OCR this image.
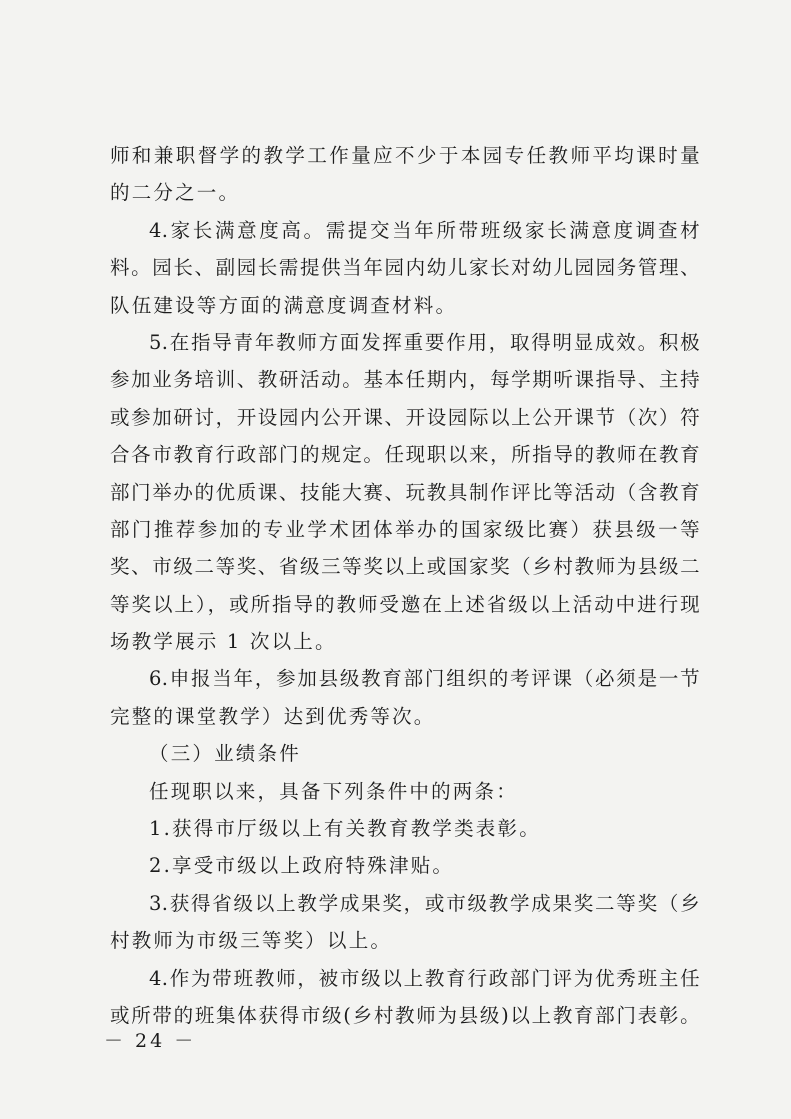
师和兼职督学的教学工作量应不少于本园专任教师平均课时量
的二分之一。
4.家长满意度高。需提交当年所带班级家长满意度调查材
料。园长、副园长需提供当年园内幼儿家长对幼儿园园务管理、
队伍建设等方面的满意度调查材料。
5.在指导青年教师方面发挥重要作用，取得明显成效。积极
参加业务培训、教研活动。基本任期内，每学期听课指导、主持
或参加研讨，开设园内公开课、开设园际以上公开课节（次）符
合各市教育行政部门的规定。任现职以来，所指导的教师在教育
部门举办的优质课、技能大赛、玩教具制作评比等活动（含教育
部门推荐参加的专业学术团体举办的国家级比赛）获县级一等
奖、市级二等奖、省级三等奖以上或国家奖（乡村教师为县级二
等奖以上），或所指导的教师受邀在上述省级以上活动中进行现
场教学展示 1 次以上。
6.申报当年，参加县级教育部门组织的考评课（必须是一节
完整的课堂教学）达到优秀等次。
（三）业绩条件
任现职以来，具备下列条件中的两条：
1.获得市厅级以上有关教育教学类表彰。
2.享受市级以上政府特殊津贴。
3.获得省级以上教学成果奖，或市级教学成果奖二等奖（乡
村教师为市级三等奖）以上。
4.作为带班教师，被市级以上教育行政部门评为优秀班主任
或所带的班集体获得市级(乡村教师为县级)以上教育部门表彰。
－ 24 －
